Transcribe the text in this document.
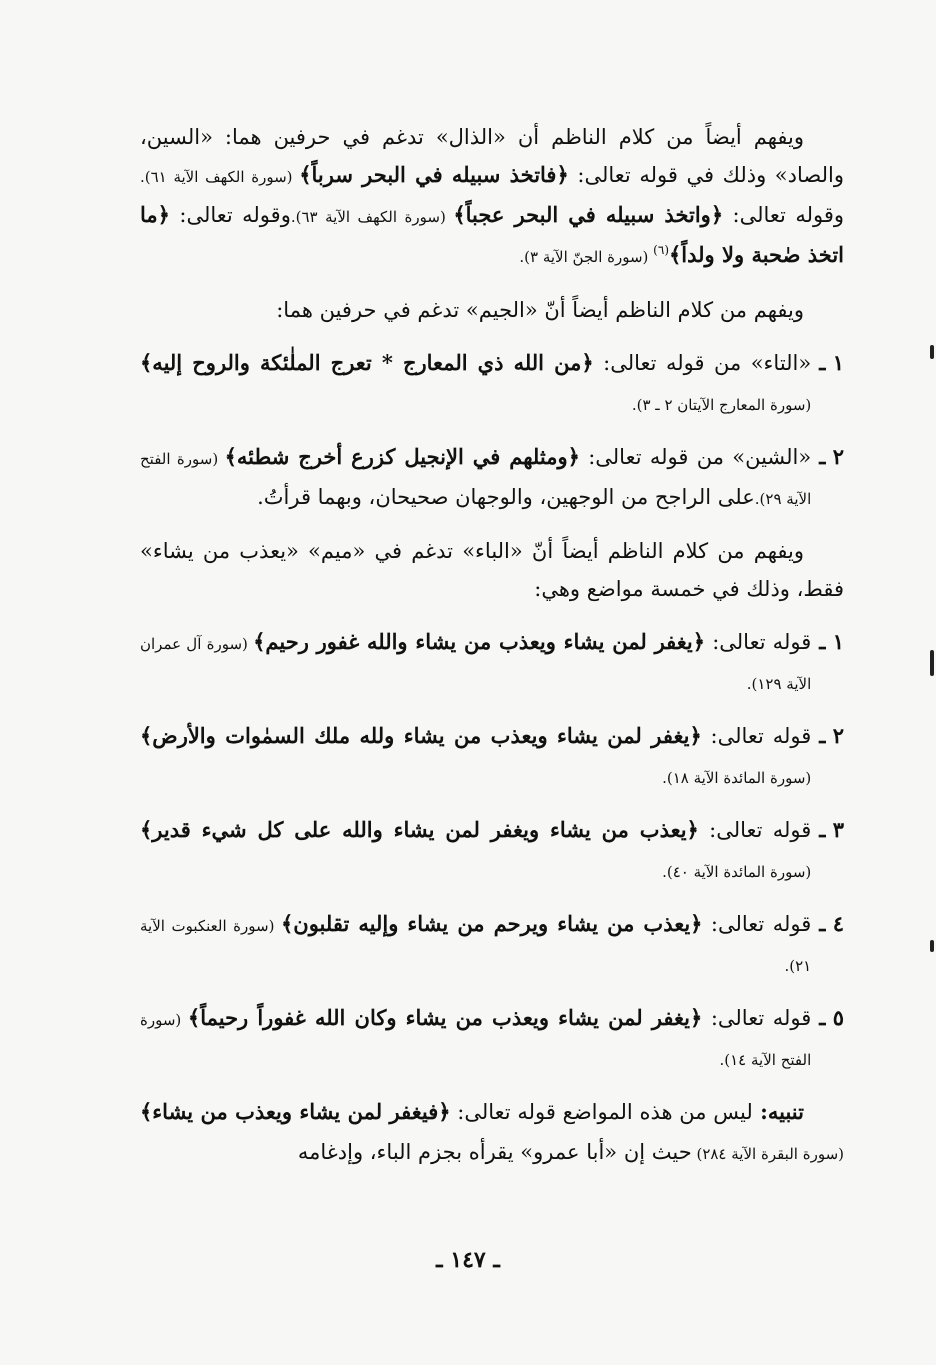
ويفهم أيضاً من كلام الناظم أن «الذال» تدغم في حرفين هما: «السين، والصاد» وذلك في قوله تعالى: ﴿فاتخذ سبيله في البحر سرباً﴾ (سورة الكهف الآية ٦١). وقوله تعالى: ﴿واتخذ سبيله في البحر عجباً﴾ (سورة الكهف الآية ٦٣).وقوله تعالى: ﴿ما اتخذ صٰحبة ولا ولداً﴾$^{(٦)}$ (سورة الجنّ الآية ٣).

ويفهم من كلام الناظم أيضاً أنّ «الجيم» تدغم في حرفين هما:

١ ـ
«التاء» من قوله تعالى: ﴿من الله ذي المعارج * تعرج الملٰئكة والروح إليه﴾ (سورة المعارج الآيتان ٢ ـ ٣).
٢ ـ
«الشين» من قوله تعالى: ﴿ومثلهم في الإنجيل كزرع أخرج شطئه﴾ (سورة الفتح الآية ٢٩).على الراجح من الوجهين، والوجهان صحيحان، وبهما قرأتُ.

ويفهم من كلام الناظم أيضاً أنّ «الباء» تدغم في «ميم» «يعذب من يشاء» فقط، وذلك في خمسة مواضع وهي:

١ ـ
قوله تعالى: ﴿يغفر لمن يشاء ويعذب من يشاء والله غفور رحيم﴾ (سورة آل عمران الآية ١٢٩).
٢ ـ
قوله تعالى: ﴿يغفر لمن يشاء ويعذب من يشاء ولله ملك السمٰوات والأرض﴾ (سورة المائدة الآية ١٨).
٣ ـ
قوله تعالى: ﴿يعذب من يشاء ويغفر لمن يشاء والله على كل شيء قدير﴾ (سورة المائدة الآية ٤٠).
٤ ـ
قوله تعالى: ﴿يعذب من يشاء ويرحم من يشاء وإليه تقلبون﴾ (سورة العنكبوت الآية ٢١).
٥ ـ
قوله تعالى: ﴿يغفر لمن يشاء ويعذب من يشاء وكان الله غفوراً رحيماً﴾ (سورة الفتح الآية ١٤).

تنبيه: ليس من هذه المواضع قوله تعالى: ﴿فيغفر لمن يشاء ويعذب من يشاء﴾ (سورة البقرة الآية ٢٨٤) حيث إن «أبا عمرو» يقرأه بجزم الباء، وإدغامه

ـ ١٤٧ ـ
